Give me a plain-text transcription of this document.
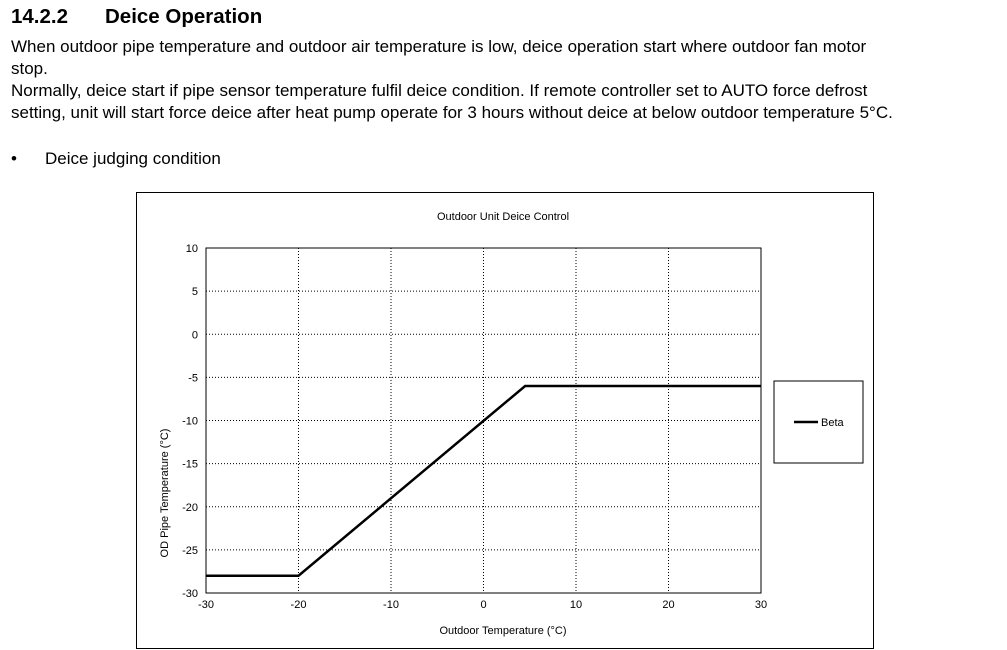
14.2.2 Deice Operation
When outdoor pipe temperature and outdoor air temperature is low, deice operation start where outdoor fan motor
stop.
Normally, deice start if pipe sensor temperature fulfil deice condition. If remote controller set to AUTO force defrost
setting, unit will start force deice after heat pump operate for 3 hours without deice at below outdoor temperature 5°C.
• Deice judging condition
Outdoor Unit Deice Control
Outdoor Temperature (°C)
OD Pipe Temperature (°C)
-30	-20	-10	0	10	20	30
10
5
0
-5
-10
-15
-20
-25
-30
Beta
